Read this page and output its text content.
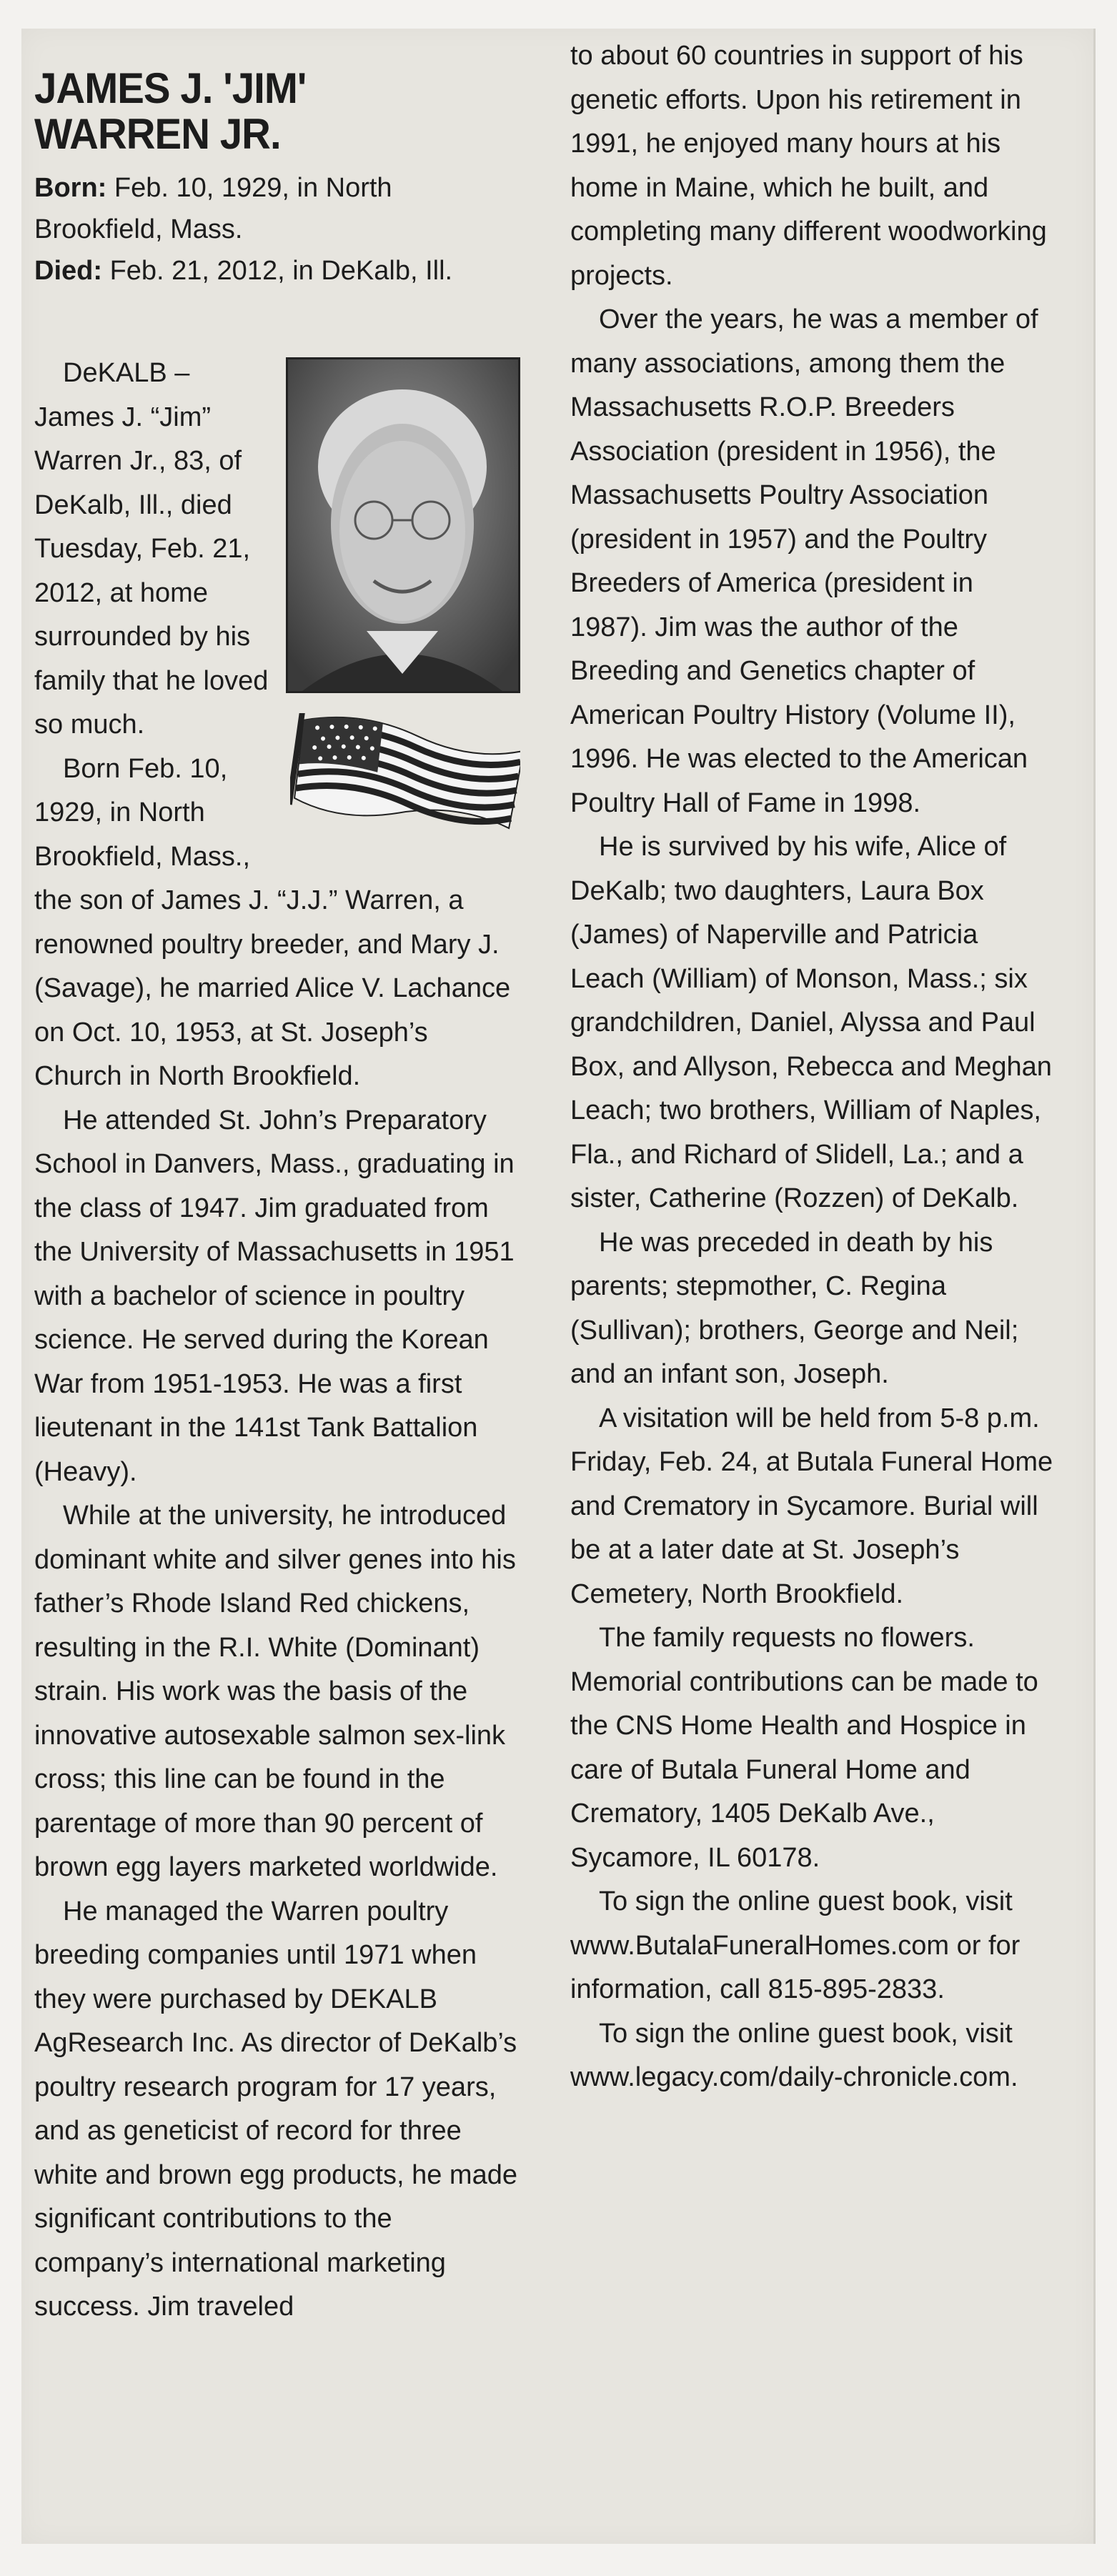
JAMES J. 'JIM' WARREN JR.
Born: Feb. 10, 1929, in North Brookfield, Mass.
Died: Feb. 21, 2012, in DeKalb, Ill.

DeKALB – James J. “Jim” Warren Jr., 83, of DeKalb, Ill., died Tuesday, Feb. 21, 2012, at home surrounded by his family that he loved so much.

Born Feb. 10, 1929, in North Brookfield, Mass., the son of James J. “J.J.” Warren, a renowned poultry breeder, and Mary J. (Savage), he married Alice V. Lachance on Oct. 10, 1953, at St. Joseph’s Church in North Brookfield.

He attended St. John’s Preparatory School in Danvers, Mass., graduating in the class of 1947. Jim graduated from the University of Massachusetts in 1951 with a bachelor of science in poultry science. He served during the Korean War from 1951-1953. He was a first lieutenant in the 141st Tank Battalion (Heavy).

While at the university, he introduced dominant white and silver genes into his father’s Rhode Island Red chickens, resulting in the R.I. White (Dominant) strain. His work was the basis of the innovative autosexable salmon sex-link cross; this line can be found in the parentage of more than 90 percent of brown egg layers marketed worldwide.

He managed the Warren poultry breeding companies until 1971 when they were purchased by DEKALB AgResearch Inc. As director of DeKalb’s poultry research program for 17 years, and as geneticist of record for three white and brown egg products, he made significant contributions to the company’s international marketing success. Jim traveled

to about 60 countries in support of his genetic efforts. Upon his retirement in 1991, he enjoyed many hours at his home in Maine, which he built, and completing many different woodworking projects.

Over the years, he was a member of many associations, among them the Massachusetts R.O.P. Breeders Association (president in 1956), the Massachusetts Poultry Association (president in 1957) and the Poultry Breeders of America (president in 1987). Jim was the author of the Breeding and Genetics chapter of American Poultry History (Volume II), 1996. He was elected to the American Poultry Hall of Fame in 1998.

He is survived by his wife, Alice of DeKalb; two daughters, Laura Box (James) of Naperville and Patricia Leach (William) of Monson, Mass.; six grandchildren, Daniel, Alyssa and Paul Box, and Allyson, Rebecca and Meghan Leach; two brothers, William of Naples, Fla., and Richard of Slidell, La.; and a sister, Catherine (Rozzen) of DeKalb.

He was preceded in death by his parents; stepmother, C. Regina (Sullivan); brothers, George and Neil; and an infant son, Joseph.

A visitation will be held from 5-8 p.m. Friday, Feb. 24, at Butala Funeral Home and Crematory in Sycamore. Burial will be at a later date at St. Joseph’s Cemetery, North Brookfield.

The family requests no flowers. Memorial contributions can be made to the CNS Home Health and Hospice in care of Butala Funeral Home and Crematory, 1405 DeKalb Ave., Sycamore, IL 60178.

To sign the online guest book, visit www.ButalaFuneralHomes.com or for information, call 815-895-2833.

To sign the online guest book, visit www.legacy.com/daily-chronicle.com.
